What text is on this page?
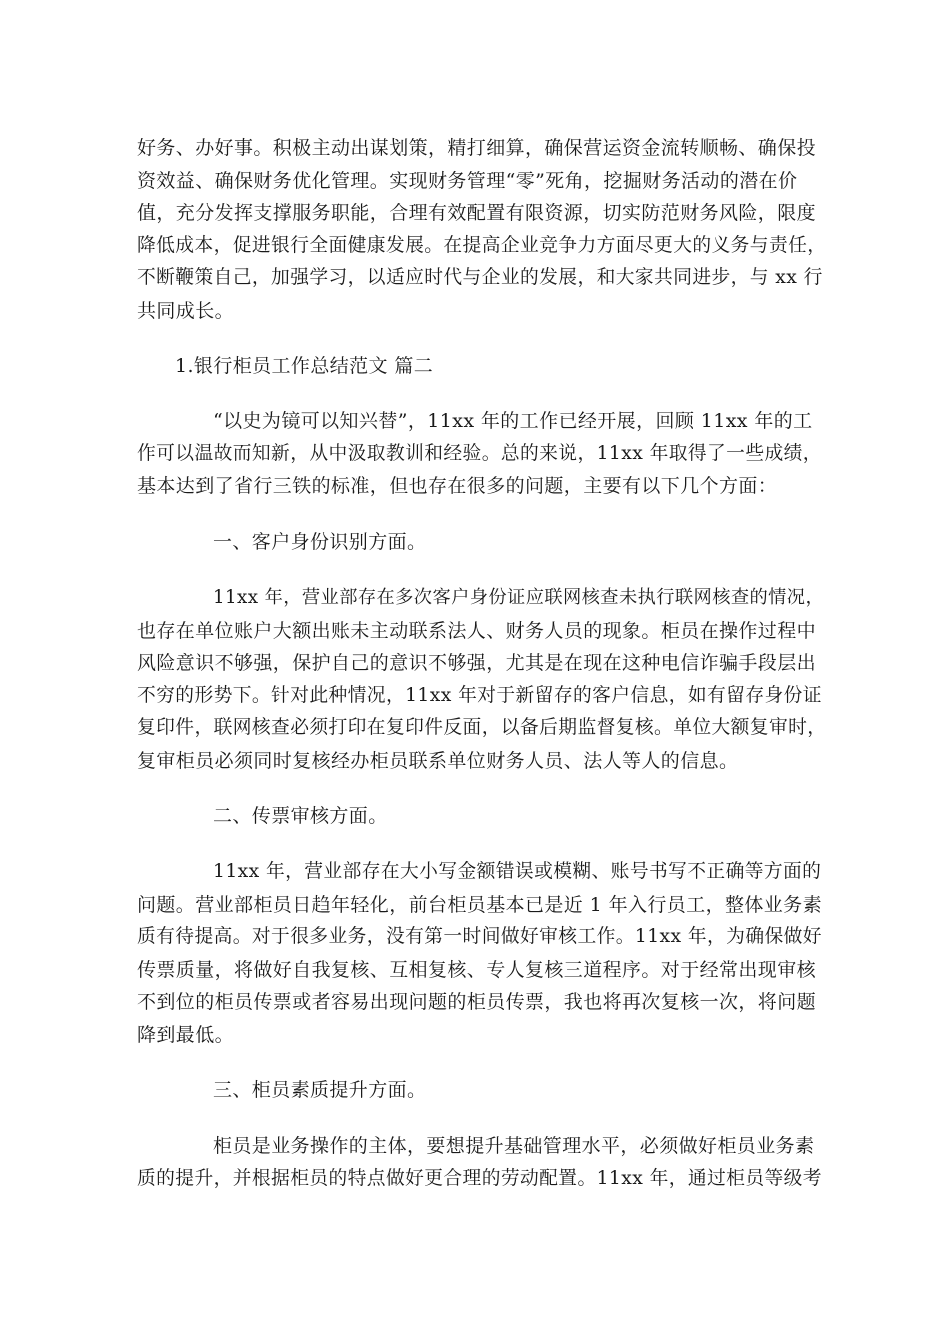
好务、办好事。积极主动出谋划策，精打细算，确保营运资金流转顺畅、确保投
资效益、确保财务优化管理。实现财务管理“零”死角，挖掘财务活动的潜在价
值，充分发挥支撑服务职能，合理有效配置有限资源，切实防范财务风险，限度
降低成本，促进银行全面健康发展。在提高企业竞争力方面尽更大的义务与责任，
不断鞭策自己，加强学习，以适应时代与企业的发展，和大家共同进步，与 xx 行
共同成长。

1.银行柜员工作总结范文 篇二

“以史为镜可以知兴替”，11xx 年的工作已经开展，回顾 11xx 年的工
作可以温故而知新，从中汲取教训和经验。总的来说，11xx 年取得了一些成绩，
基本达到了省行三铁的标准，但也存在很多的问题，主要有以下几个方面：

一、客户身份识别方面。

11xx 年，营业部存在多次客户身份证应联网核查未执行联网核查的情况，
也存在单位账户大额出账未主动联系法人、财务人员的现象。柜员在操作过程中
风险意识不够强，保护自己的意识不够强，尤其是在现在这种电信诈骗手段层出
不穷的形势下。针对此种情况，11xx 年对于新留存的客户信息，如有留存身份证
复印件，联网核查必须打印在复印件反面，以备后期监督复核。单位大额复审时，
复审柜员必须同时复核经办柜员联系单位财务人员、法人等人的信息。

二、传票审核方面。

11xx 年，营业部存在大小写金额错误或模糊、账号书写不正确等方面的
问题。营业部柜员日趋年轻化，前台柜员基本已是近 1 年入行员工，整体业务素
质有待提高。对于很多业务，没有第一时间做好审核工作。11xx 年，为确保做好
传票质量，将做好自我复核、互相复核、专人复核三道程序。对于经常出现审核
不到位的柜员传票或者容易出现问题的柜员传票，我也将再次复核一次，将问题
降到最低。

三、柜员素质提升方面。

柜员是业务操作的主体，要想提升基础管理水平，必须做好柜员业务素
质的提升，并根据柜员的特点做好更合理的劳动配置。11xx 年，通过柜员等级考
